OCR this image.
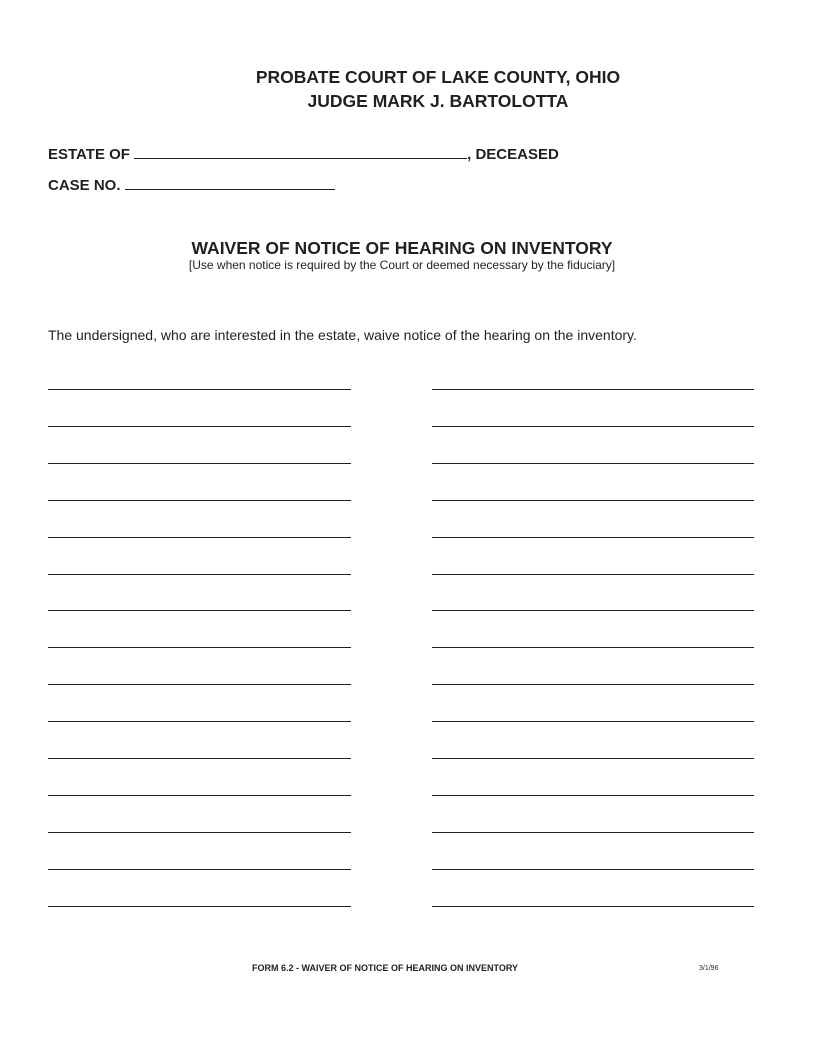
PROBATE COURT OF LAKE COUNTY, OHIO
JUDGE MARK J. BARTOLOTTA
ESTATE OF	, DECEASED
CASE NO.
WAIVER OF NOTICE OF HEARING ON INVENTORY
[Use when notice is required by the Court or deemed necessary by the fiduciary]
The undersigned, who are interested in the estate, waive notice of the hearing on the inventory.
FORM 6.2 - WAIVER OF NOTICE OF HEARING ON INVENTORY	3/1/96
